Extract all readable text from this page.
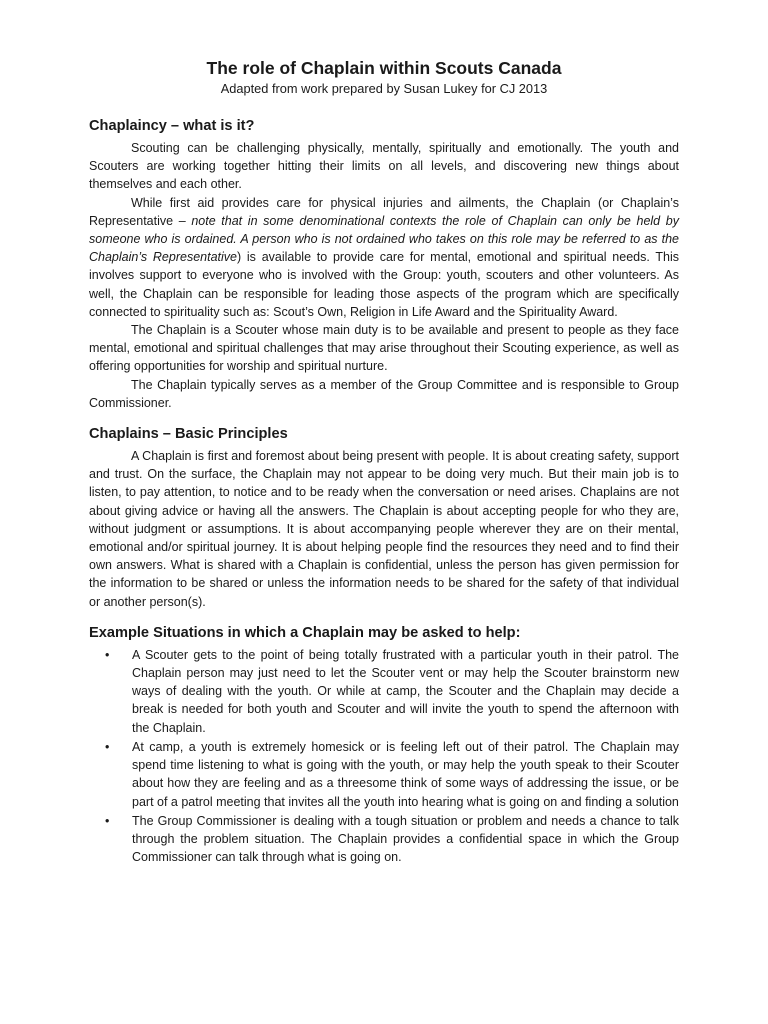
The role of Chaplain within Scouts Canada
Adapted from work prepared by Susan Lukey for CJ 2013
Chaplaincy – what is it?

Scouting can be challenging physically, mentally, spiritually and emotionally. The youth and Scouters are working together hitting their limits on all levels, and discovering new things about themselves and each other.

While first aid provides care for physical injuries and ailments, the Chaplain (or Chaplain’s Representative – note that in some denominational contexts the role of Chaplain can only be held by someone who is ordained. A person who is not ordained who takes on this role may be referred to as the Chaplain’s Representative) is available to provide care for mental, emotional and spiritual needs. This involves support to everyone who is involved with the Group: youth, scouters and other volunteers. As well, the Chaplain can be responsible for leading those aspects of the program which are specifically connected to spirituality such as: Scout’s Own, Religion in Life Award and the Spirituality Award.

The Chaplain is a Scouter whose main duty is to be available and present to people as they face mental, emotional and spiritual challenges that may arise throughout their Scouting experience, as well as offering opportunities for worship and spiritual nurture.

The Chaplain typically serves as a member of the Group Committee and is responsible to Group Commissioner.

Chaplains – Basic Principles

A Chaplain is first and foremost about being present with people. It is about creating safety, support and trust. On the surface, the Chaplain may not appear to be doing very much. But their main job is to listen, to pay attention, to notice and to be ready when the conversation or need arises. Chaplains are not about giving advice or having all the answers. The Chaplain is about accepting people for who they are, without judgment or assumptions. It is about accompanying people wherever they are on their mental, emotional and/or spiritual journey. It is about helping people find the resources they need and to find their own answers. What is shared with a Chaplain is confidential, unless the person has given permission for the information to be shared or unless the information needs to be shared for the safety of that individual or another person(s).

Example Situations in which a Chaplain may be asked to help:
• A Scouter gets to the point of being totally frustrated with a particular youth in their patrol. The Chaplain person may just need to let the Scouter vent or may help the Scouter brainstorm new ways of dealing with the youth. Or while at camp, the Scouter and the Chaplain may decide a break is needed for both youth and Scouter and will invite the youth to spend the afternoon with the Chaplain.
• At camp, a youth is extremely homesick or is feeling left out of their patrol. The Chaplain may spend time listening to what is going with the youth, or may help the youth speak to their Scouter about how they are feeling and as a threesome think of some ways of addressing the issue, or be part of a patrol meeting that invites all the youth into hearing what is going on and finding a solution
• The Group Commissioner is dealing with a tough situation or problem and needs a chance to talk through the problem situation. The Chaplain provides a confidential space in which the Group Commissioner can talk through what is going on.
